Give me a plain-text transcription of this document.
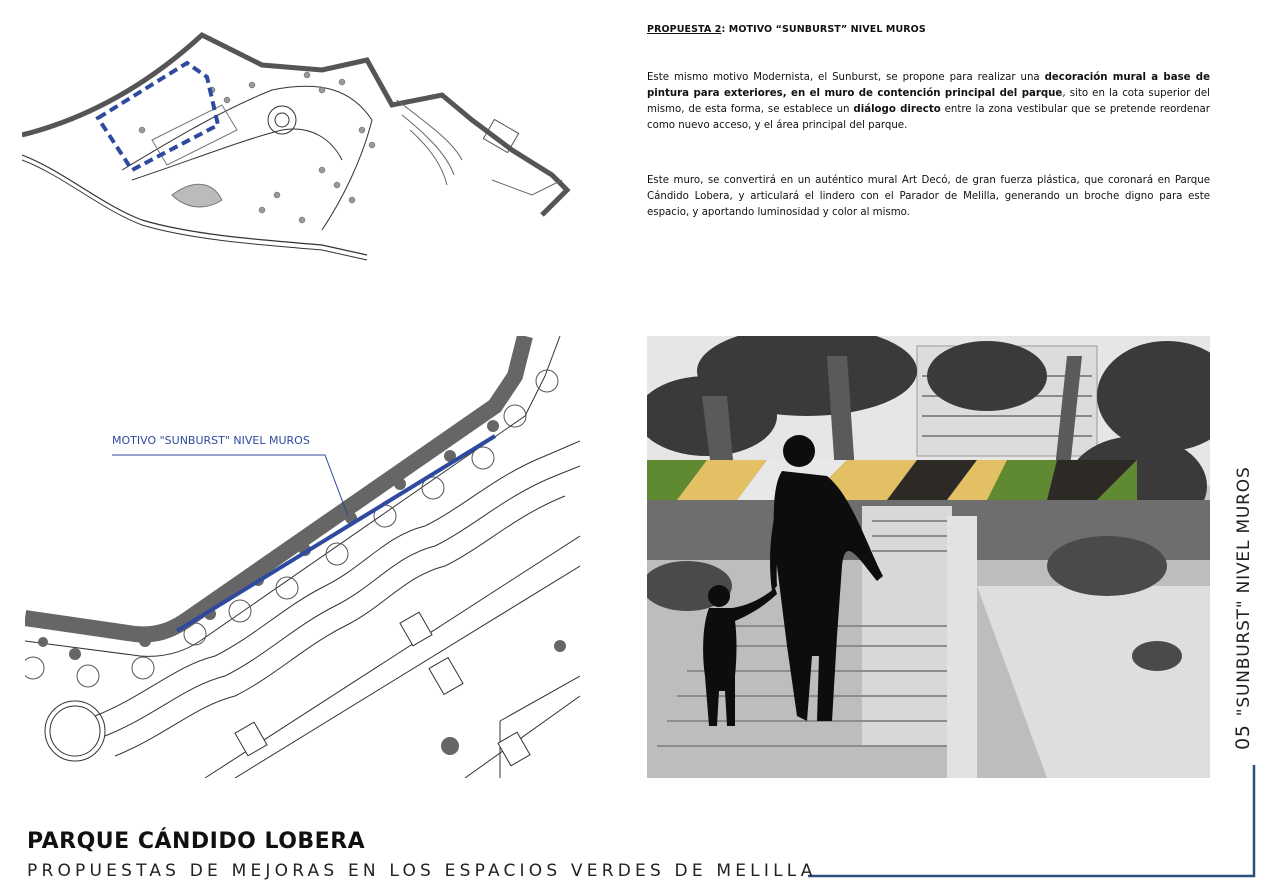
MOTIVO "SUNBURST" NIVEL MUROS
PROPUESTA 2: MOTIVO “SUNBURST” NIVEL MUROS

Este mismo motivo Modernista, el Sunburst, se propone para realizar una decoración mural a base de pintura para exteriores, en el muro de contención principal del parque, sito en la cota superior del mismo, de esta forma, se establece un diálogo directo entre la zona vestibular que se pretende reordenar como nuevo acceso, y el área principal del parque.

Este muro, se convertirá en un auténtico mural Art Decó, de gran fuerza plástica, que coronará en Parque Cándido Lobera, y articulará el lindero con el Parador de Melilla, generando un broche digno para este espacio, y aportando luminosidad y color al mismo.

05"SUNBURST" NIVEL MUROS
PARQUE CÁNDIDO LOBERA
PROPUESTAS DE MEJORAS EN LOS ESPACIOS VERDES DE MELILLA
